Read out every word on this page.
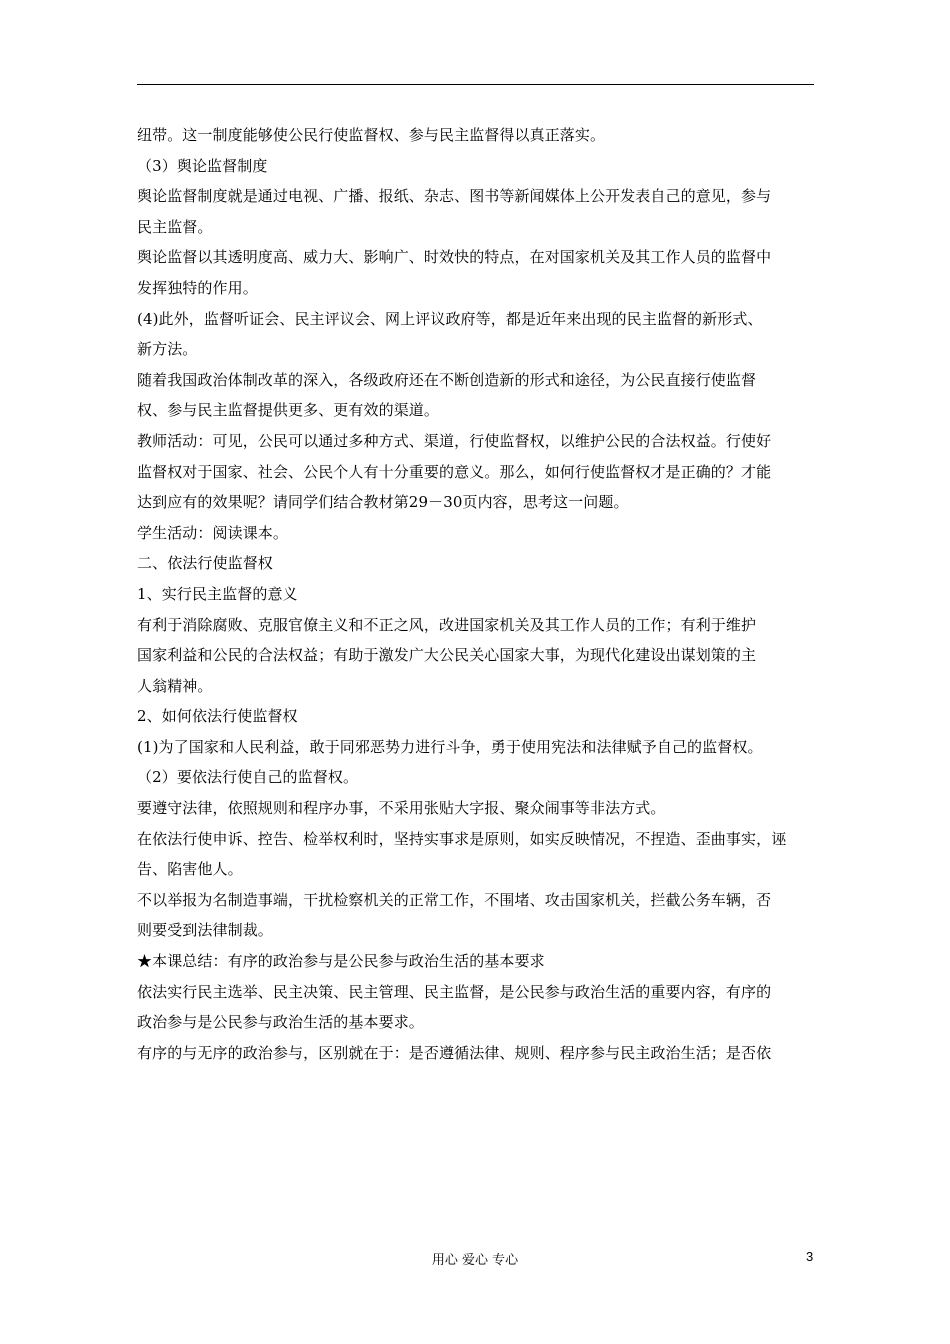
纽带。这一制度能够使公民行使监督权、参与民主监督得以真正落实。

（3）舆论监督制度

舆论监督制度就是通过电视、广播、报纸、杂志、图书等新闻媒体上公开发表自己的意见，参与

民主监督。

舆论监督以其透明度高、威力大、影响广、时效快的特点，在对国家机关及其工作人员的监督中

发挥独特的作用。

(4)此外，监督听证会、民主评议会、网上评议政府等，都是近年来出现的民主监督的新形式、

新方法。

随着我国政治体制改革的深入，各级政府还在不断创造新的形式和途径，为公民直接行使监督

权、参与民主监督提供更多、更有效的渠道。

教师活动：可见，公民可以通过多种方式、渠道，行使监督权，以维护公民的合法权益。行使好

监督权对于国家、社会、公民个人有十分重要的意义。那么，如何行使监督权才是正确的？才能

达到应有的效果呢？请同学们结合教材第29－30页内容，思考这一问题。

学生活动：阅读课本。

二、依法行使监督权

1、实行民主监督的意义

有利于消除腐败、克服官僚主义和不正之风，改进国家机关及其工作人员的工作；有利于维护

国家利益和公民的合法权益；有助于激发广大公民关心国家大事，为现代化建设出谋划策的主

人翁精神。

2、如何依法行使监督权

(1)为了国家和人民利益，敢于同邪恶势力进行斗争，勇于使用宪法和法律赋予自己的监督权。

（2）要依法行使自己的监督权。

要遵守法律，依照规则和程序办事，不采用张贴大字报、聚众闹事等非法方式。

在依法行使申诉、控告、检举权利时，坚持实事求是原则，如实反映情况，不捏造、歪曲事实，诬

告、陷害他人。

不以举报为名制造事端，干扰检察机关的正常工作，不围堵、攻击国家机关，拦截公务车辆，否

则要受到法律制裁。

★本课总结：有序的政治参与是公民参与政治生活的基本要求

依法实行民主选举、民主决策、民主管理、民主监督，是公民参与政治生活的重要内容，有序的

政治参与是公民参与政治生活的基本要求。

有序的与无序的政治参与，区别就在于：是否遵循法律、规则、程序参与民主政治生活；是否依

用心 爱心 专心	3
